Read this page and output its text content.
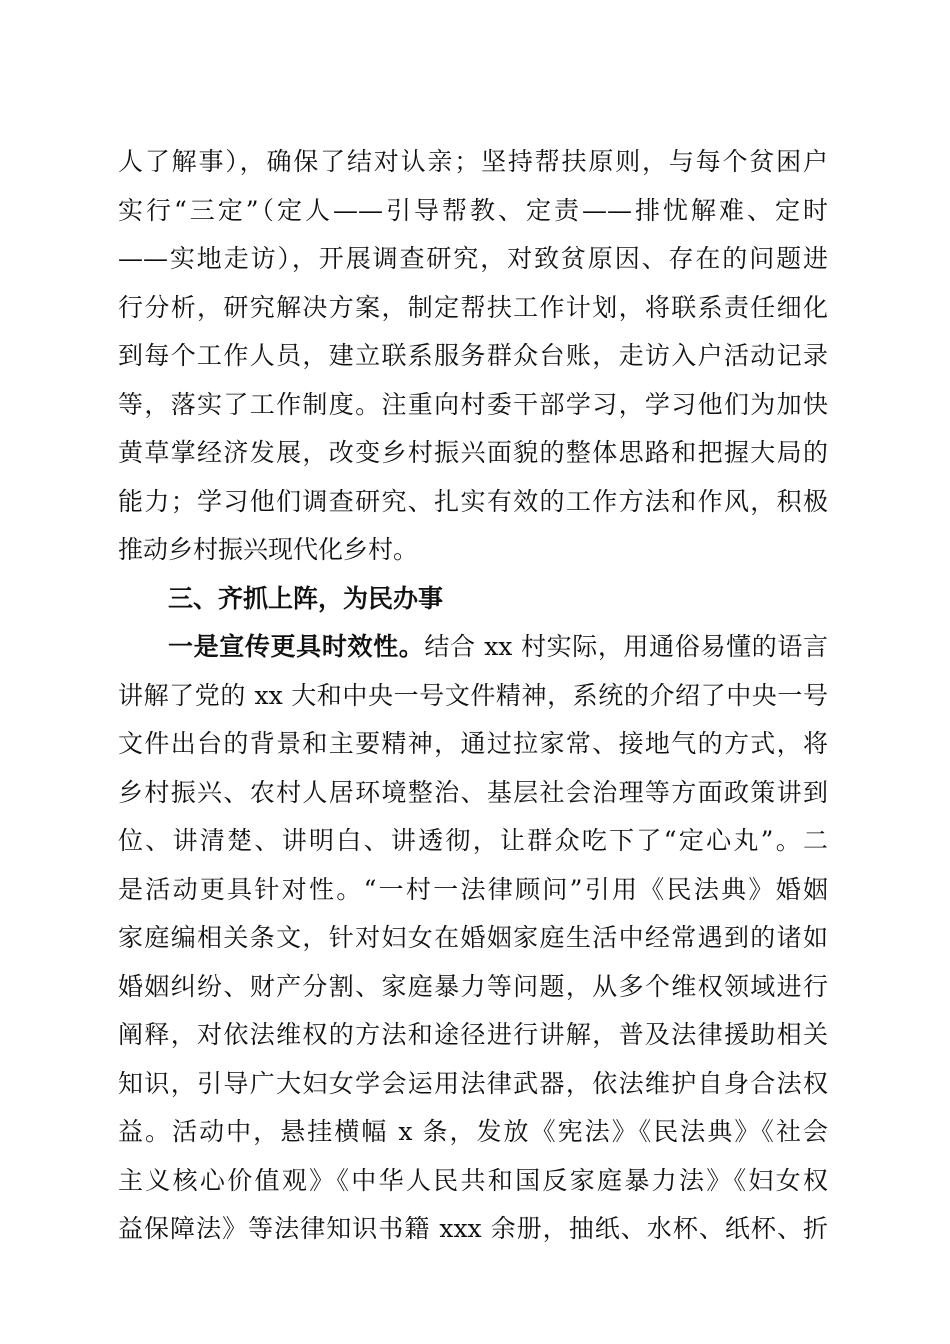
人了解事），确保了结对认亲；坚持帮扶原则，与每个贫困户
实行“三定”（定人——引导帮教、定责——排忧解难、定时
——实地走访），开展调查研究，对致贫原因、存在的问题进
行分析，研究解决方案，制定帮扶工作计划，将联系责任细化
到每个工作人员，建立联系服务群众台账，走访入户活动记录
等，落实了工作制度。注重向村委干部学习，学习他们为加快
黄草掌经济发展，改变乡村振兴面貌的整体思路和把握大局的
能力；学习他们调查研究、扎实有效的工作方法和作风，积极
推动乡村振兴现代化乡村。
三、齐抓上阵，为民办事
一是宣传更具时效性。结合 xx 村实际，用通俗易懂的语言
讲解了党的 xx 大和中央一号文件精神，系统的介绍了中央一号
文件出台的背景和主要精神，通过拉家常、接地气的方式，将
乡村振兴、农村人居环境整治、基层社会治理等方面政策讲到
位、讲清楚、讲明白、讲透彻，让群众吃下了“定心丸”。二
是活动更具针对性。“一村一法律顾问”引用《民法典》婚姻
家庭编相关条文，针对妇女在婚姻家庭生活中经常遇到的诸如
婚姻纠纷、财产分割、家庭暴力等问题，从多个维权领域进行
阐释，对依法维权的方法和途径进行讲解，普及法律援助相关
知识，引导广大妇女学会运用法律武器，依法维护自身合法权
益。活动中，悬挂横幅 x 条，发放《宪法》《民法典》《社会
主义核心价值观》《中华人民共和国反家庭暴力法》《妇女权
益保障法》等法律知识书籍 xxx 余册，抽纸、水杯、纸杯、折
